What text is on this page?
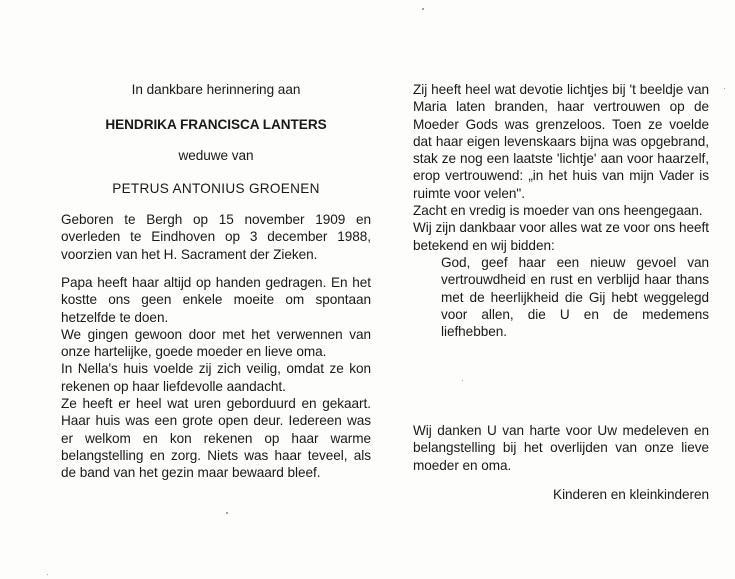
In dankbare herinnering aan
HENDRIKA FRANCISCA LANTERS
weduwe van
PETRUS ANTONIUS GROENEN

Geboren te Bergh op 15 november 1909 en overleden te Eindhoven op 3 december 1988, voorzien van het H. Sacrament der Zieken.

Papa heeft haar altijd op handen gedragen. En het kostte ons geen enkele moeite om spontaan hetzelfde te doen.

We gingen gewoon door met het verwennen van onze hartelijke, goede moeder en lieve oma.

In Nella's huis voelde zij zich veilig, omdat ze kon rekenen op haar liefdevolle aandacht.

Ze heeft er heel wat uren geborduurd en gekaart. Haar huis was een grote open deur. Iedereen was er welkom en kon rekenen op haar warme belangstelling en zorg. Niets was haar teveel, als de band van het gezin maar bewaard bleef.

Zij heeft heel wat devotie lichtjes bij 't beeldje van Maria laten branden, haar vertrouwen op de Moeder Gods was grenzeloos. Toen ze voelde dat haar eigen levenskaars bijna was opgebrand, stak ze nog een laatste 'lichtje' aan voor haarzelf, erop vertrouwend: „in het huis van mijn Vader is ruimte voor velen".

Zacht en vredig is moeder van ons heengegaan.

Wij zijn dankbaar voor alles wat ze voor ons heeft betekend en wij bidden:

God, geef haar een nieuw gevoel van vertrouwdheid en rust en verblijd haar thans met de heerlijkheid die Gij hebt weggelegd voor allen, die U en de medemens liefhebben.

Wij danken U van harte voor Uw medeleven en belangstelling bij het overlijden van onze lieve moeder en oma.

Kinderen en kleinkinderen
